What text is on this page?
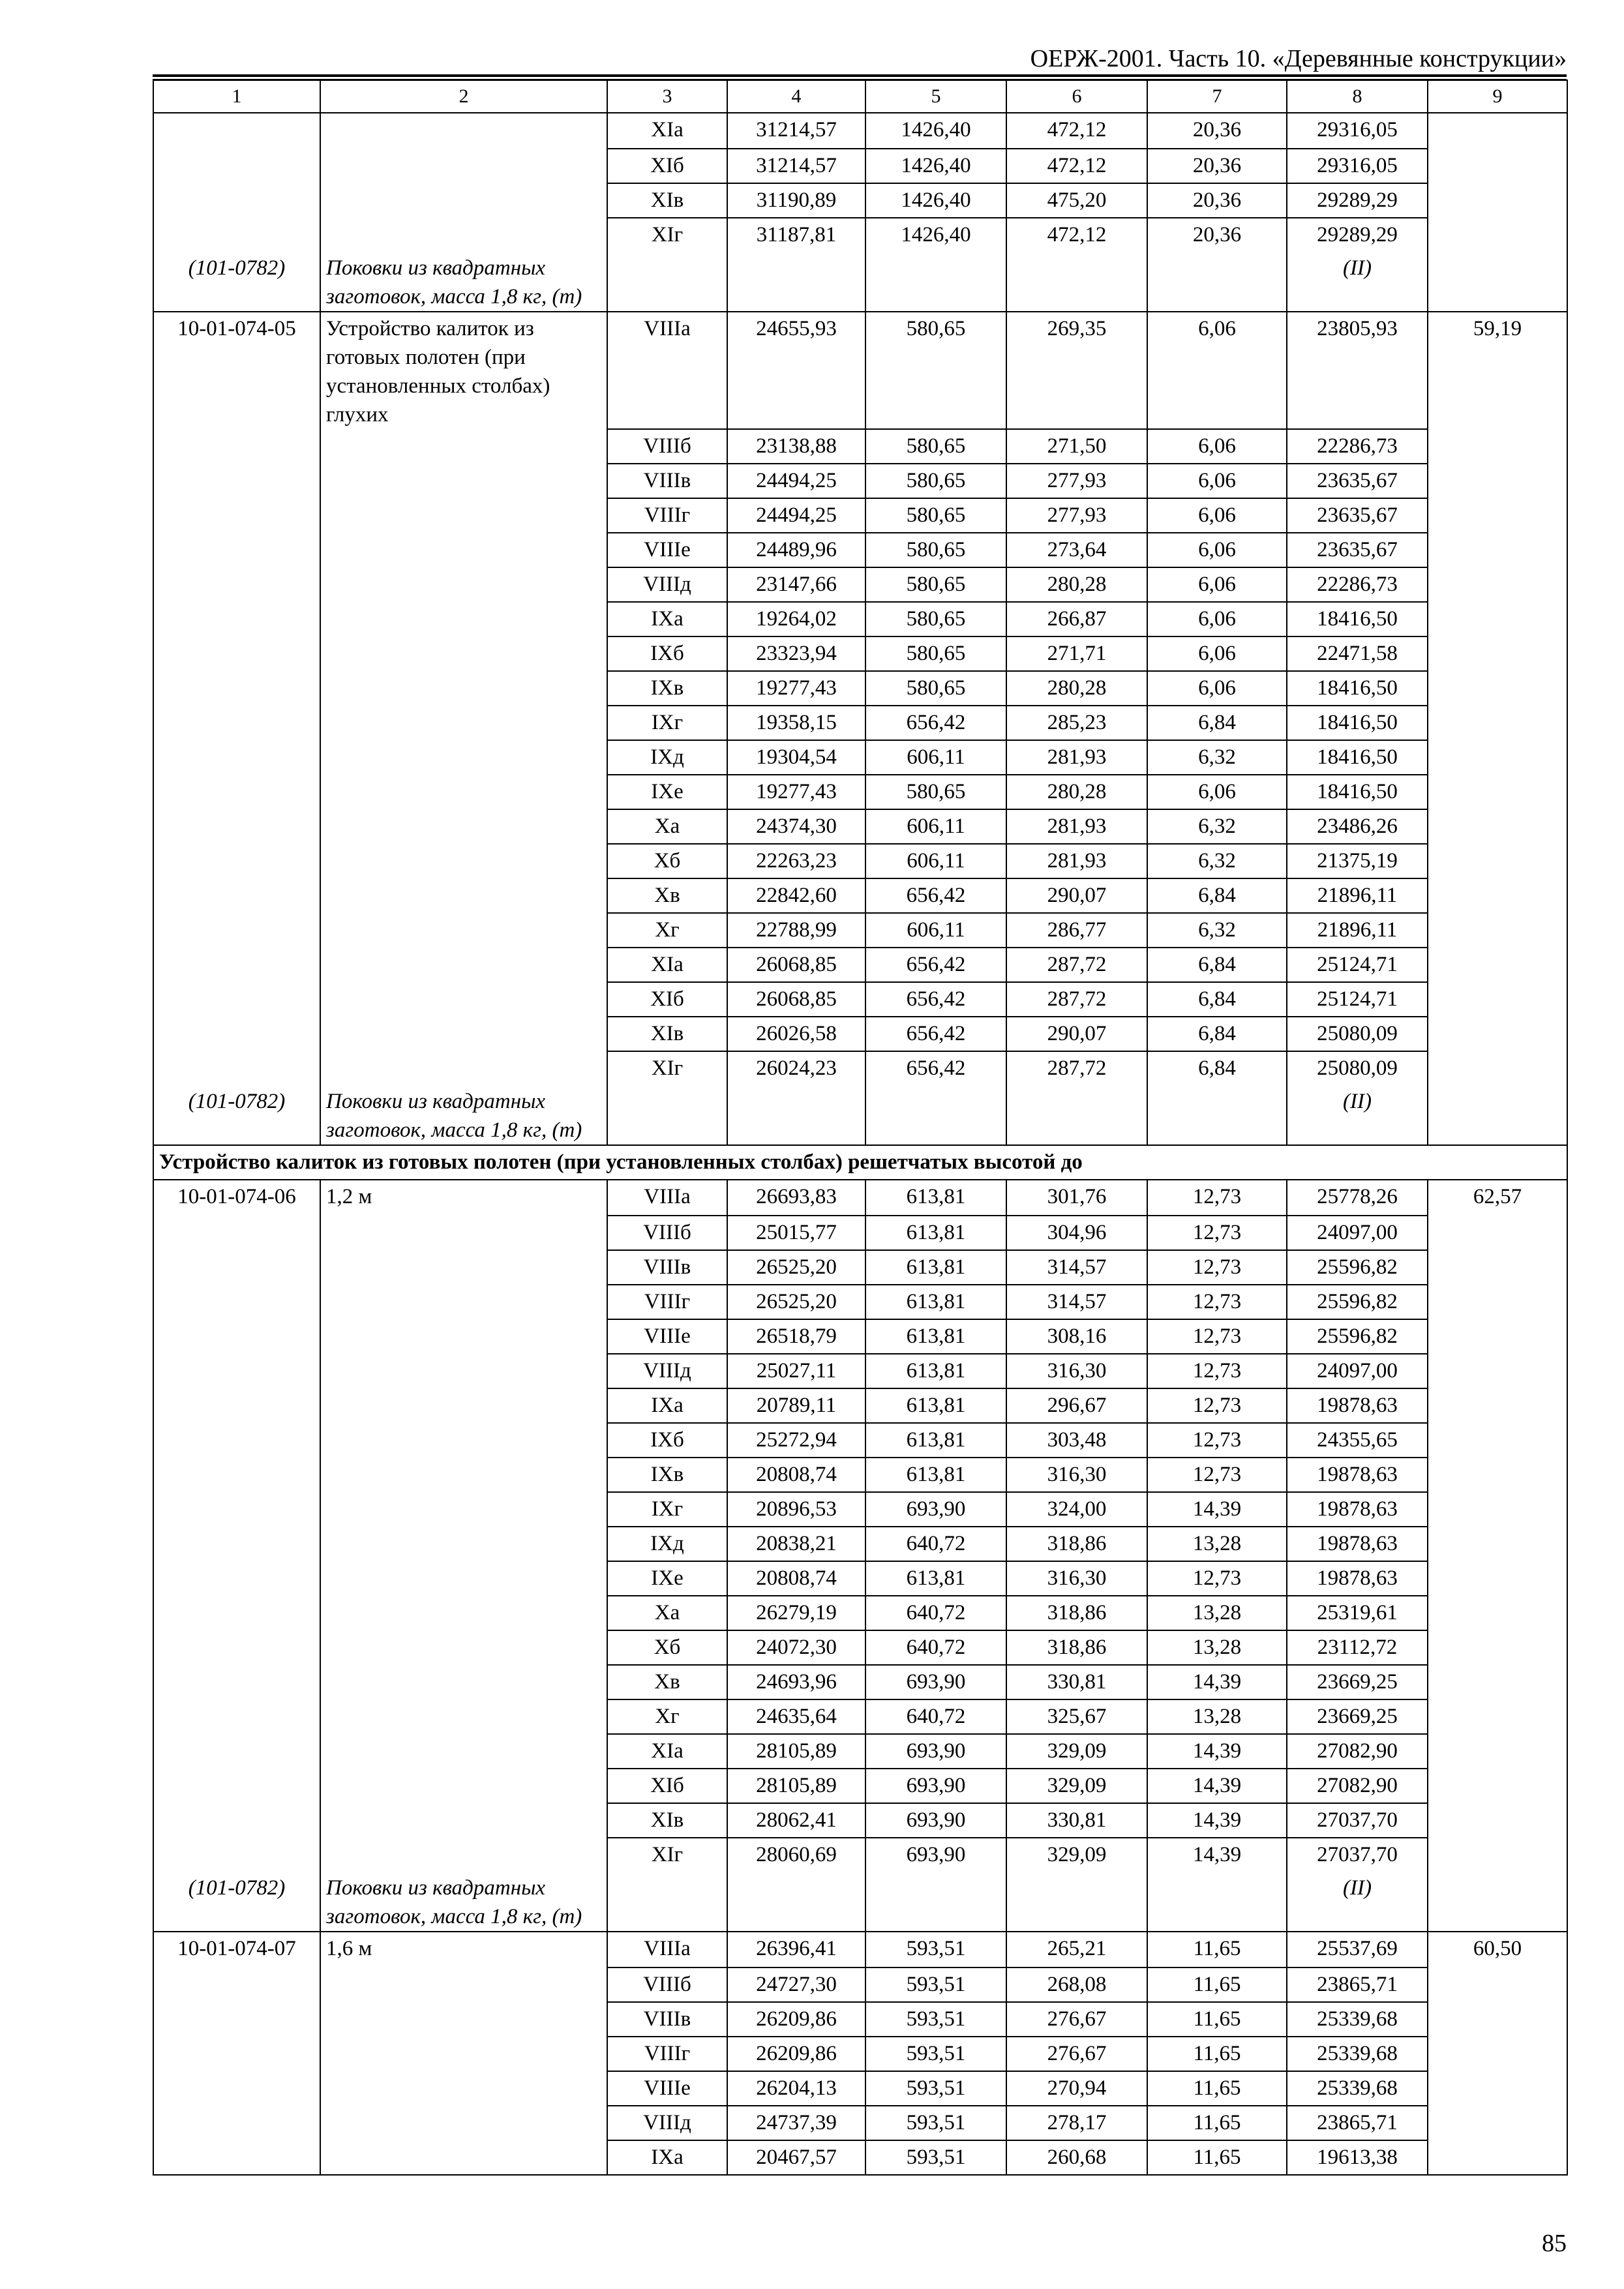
ОЕРЖ-2001. Часть 10. «Деревянные конструкции»
1	2	3	4	5	6	7	8	9
		XIа	31214,57	1426,40	472,12	20,36	29316,05	
		XIб	31214,57	1426,40	472,12	20,36	29316,05	
		XIв	31190,89	1426,40	475,20	20,36	29289,29	
		XIг	31187,81	1426,40	472,12	20,36	29289,29	
(101-0782)	Поковки из квадратных заготовок, масса 1,8 кг, (т)						(II)	
10-01-074-05	Устройство калиток из готовых полотен (при установленных столбах) глухих	VIIIа	24655,93	580,65	269,35	6,06	23805,93	59,19
		VIIIб	23138,88	580,65	271,50	6,06	22286,73	
		VIIIв	24494,25	580,65	277,93	6,06	23635,67	
		VIIIг	24494,25	580,65	277,93	6,06	23635,67	
		VIIIе	24489,96	580,65	273,64	6,06	23635,67	
		VIIIд	23147,66	580,65	280,28	6,06	22286,73	
		IXа	19264,02	580,65	266,87	6,06	18416,50	
		IXб	23323,94	580,65	271,71	6,06	22471,58	
		IXв	19277,43	580,65	280,28	6,06	18416,50	
		IXг	19358,15	656,42	285,23	6,84	18416,50	
		IXд	19304,54	606,11	281,93	6,32	18416,50	
		IXе	19277,43	580,65	280,28	6,06	18416,50	
		Xа	24374,30	606,11	281,93	6,32	23486,26	
		Xб	22263,23	606,11	281,93	6,32	21375,19	
		Xв	22842,60	656,42	290,07	6,84	21896,11	
		Xг	22788,99	606,11	286,77	6,32	21896,11	
		XIа	26068,85	656,42	287,72	6,84	25124,71	
		XIб	26068,85	656,42	287,72	6,84	25124,71	
		XIв	26026,58	656,42	290,07	6,84	25080,09	
		XIг	26024,23	656,42	287,72	6,84	25080,09	
(101-0782)	Поковки из квадратных заготовок, масса 1,8 кг, (т)						(II)	
Устройство калиток из готовых полотен (при установленных столбах) решетчатых высотой до								
10-01-074-06	1,2 м	VIIIа	26693,83	613,81	301,76	12,73	25778,26	62,57
		VIIIб	25015,77	613,81	304,96	12,73	24097,00	
		VIIIв	26525,20	613,81	314,57	12,73	25596,82	
		VIIIг	26525,20	613,81	314,57	12,73	25596,82	
		VIIIе	26518,79	613,81	308,16	12,73	25596,82	
		VIIIд	25027,11	613,81	316,30	12,73	24097,00	
		IXа	20789,11	613,81	296,67	12,73	19878,63	
		IXб	25272,94	613,81	303,48	12,73	24355,65	
		IXв	20808,74	613,81	316,30	12,73	19878,63	
		IXг	20896,53	693,90	324,00	14,39	19878,63	
		IXд	20838,21	640,72	318,86	13,28	19878,63	
		IXе	20808,74	613,81	316,30	12,73	19878,63	
		Xа	26279,19	640,72	318,86	13,28	25319,61	
		Xб	24072,30	640,72	318,86	13,28	23112,72	
		Xв	24693,96	693,90	330,81	14,39	23669,25	
		Xг	24635,64	640,72	325,67	13,28	23669,25	
		XIа	28105,89	693,90	329,09	14,39	27082,90	
		XIб	28105,89	693,90	329,09	14,39	27082,90	
		XIв	28062,41	693,90	330,81	14,39	27037,70	
		XIг	28060,69	693,90	329,09	14,39	27037,70	
(101-0782)	Поковки из квадратных заготовок, масса 1,8 кг, (т)						(II)	
10-01-074-07	1,6 м	VIIIа	26396,41	593,51	265,21	11,65	25537,69	60,50
		VIIIб	24727,30	593,51	268,08	11,65	23865,71	
		VIIIв	26209,86	593,51	276,67	11,65	25339,68	
		VIIIг	26209,86	593,51	276,67	11,65	25339,68	
		VIIIе	26204,13	593,51	270,94	11,65	25339,68	
		VIIIд	24737,39	593,51	278,17	11,65	23865,71	
		IXа	20467,57	593,51	260,68	11,65	19613,38	
85
